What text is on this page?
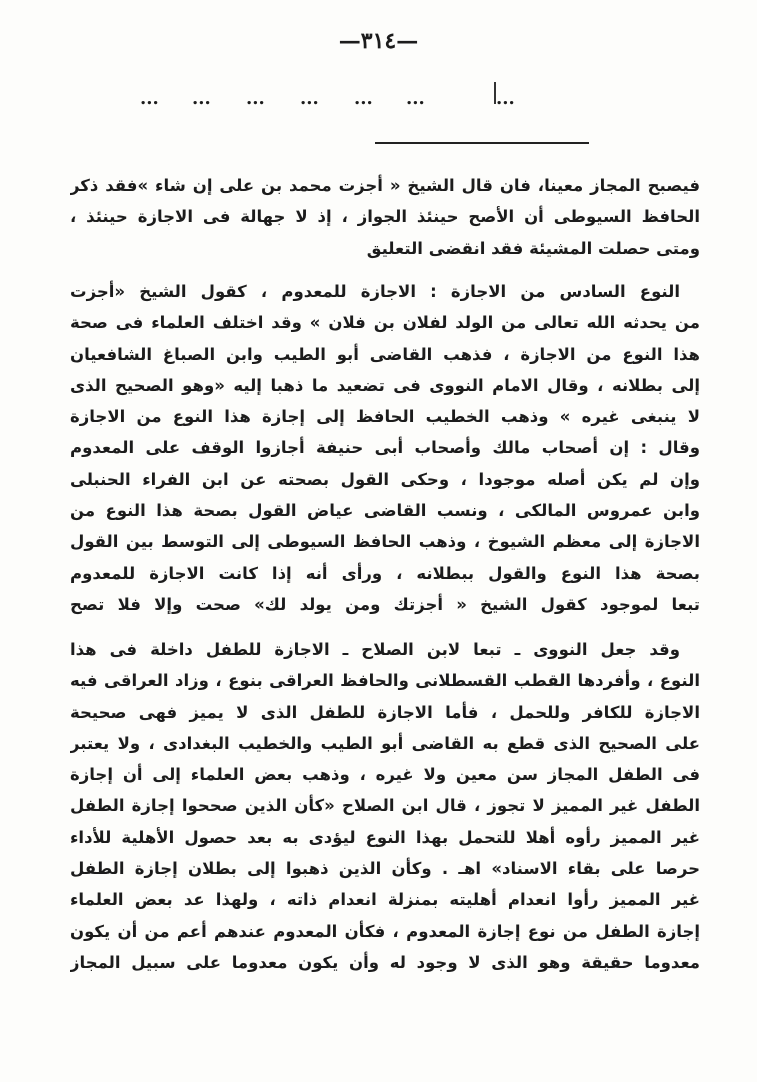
—٣١٤—
... ... ... ... ... ...	...
فيصبح المجاز معينا، فان قال الشيخ « أجزت محمد بن على إن شاء »فقد ذكر
الحافظ السيوطى أن الأصح حينئذ الجواز ، إذ لا جهالة فى الاجازة حينئذ ،
ومتى حصلت المشيئة فقد انقضى التعليق
النوع السادس من الاجازة : الاجازة للمعدوم ، كقول الشيخ «أجزت
من يحدثه الله تعالى من الولد لفلان بن فلان » وقد اختلف العلماء فى صحة
هذا النوع من الاجازة ، فذهب القاضى أبو الطيب وابن الصباغ الشافعيان
إلى بطلانه ، وقال الامام النووى فى تضعيد ما ذهبا إليه «وهو الصحيح الذى
لا ينبغى غيره » وذهب الخطيب الحافظ إلى إجازة هذا النوع من الاجازة
وقال : إن أصحاب مالك وأصحاب أبى حنيفة أجازوا الوقف على المعدوم
وإن لم يكن أصله موجودا ، وحكى القول بصحته عن ابن الفراء الحنبلى
وابن عمروس المالكى ، ونسب القاضى عياض القول بصحة هذا النوع من
الاجازة إلى معظم الشيوخ ، وذهب الحافظ السيوطى إلى التوسط بين القول
بصحة هذا النوع والقول ببطلانه ، ورأى أنه إذا كانت الاجازة للمعدوم
تبعا لموجود كقول الشيخ « أجزتك ومن يولد لك» صحت وإلا فلا تصح
وقد جعل النووى ـ تبعا لابن الصلاح ـ الاجازة للطفل داخلة فى هذا
النوع ، وأفردها القطب القسطلانى والحافظ العراقى بنوع ، وزاد العراقى فيه
الاجازة للكافر وللحمل ، فأما الاجازة للطفل الذى لا يميز فهى صحيحة
على الصحيح الذى قطع به القاضى أبو الطيب والخطيب البغدادى ، ولا يعتبر
فى الطفل المجاز سن معين ولا غيره ، وذهب بعض العلماء إلى أن إجازة
الطفل غير المميز لا تجوز ، قال ابن الصلاح «كأن الذين صححوا إجازة الطفل
غير المميز رأوه أهلا للتحمل بهذا النوع ليؤدى به بعد حصول الأهلية للأداء
حرصا على بقاء الاسناد» اهـ . وكأن الذين ذهبوا إلى بطلان إجازة الطفل
غير المميز رأوا انعدام أهليته بمنزلة انعدام ذاته ، ولهذا عد بعض العلماء
إجازة الطفل من نوع إجازة المعدوم ، فكأن المعدوم عندهم أعم من أن يكون
معدوما حقيقة وهو الذى لا وجود له وأن يكون معدوما على سبيل المجاز
